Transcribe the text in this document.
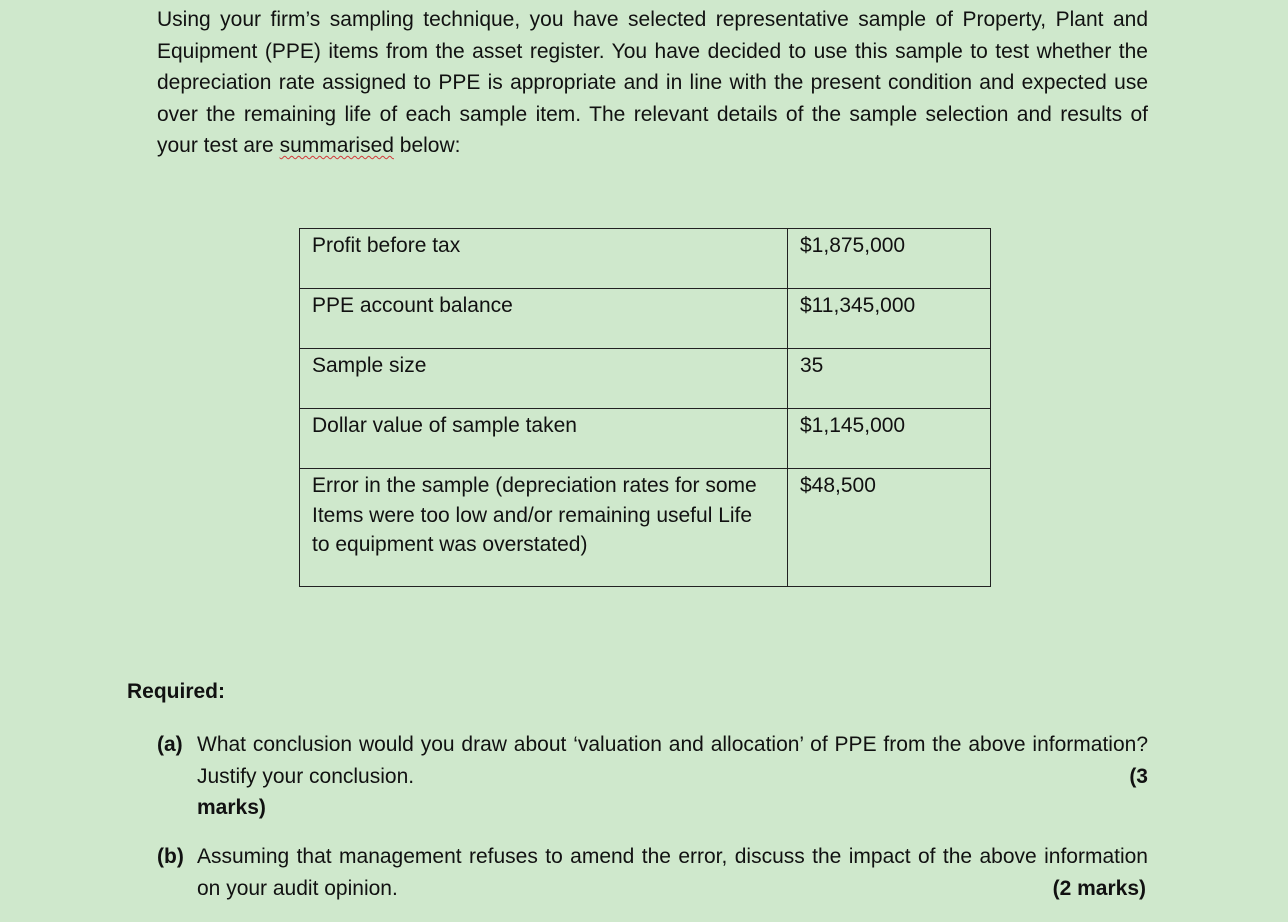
Using your firm’s sampling technique, you have selected representative sample of Property, Plant and Equipment (PPE) items from the asset register. You have decided to use this sample to test whether the depreciation rate assigned to PPE is appropriate and in line with the present condition and expected use over the remaining life of each sample item. The relevant details of the sample selection and results of your test are summarised below:

Profit before tax	$1,875,000
PPE account balance	$11,345,000
Sample size	35
Dollar value of sample taken	$1,145,000
Error in the sample (depreciation rates for some Items were too low and/or remaining useful Life to equipment was overstated)	$48,500

Required:

(a) What conclusion would you draw about ‘valuation and allocation’ of PPE from the above information? Justify your conclusion.	(3

marks)
(b) Assuming that management refuses to amend the error, discuss the impact of the above information on your audit opinion.	(2 marks)
